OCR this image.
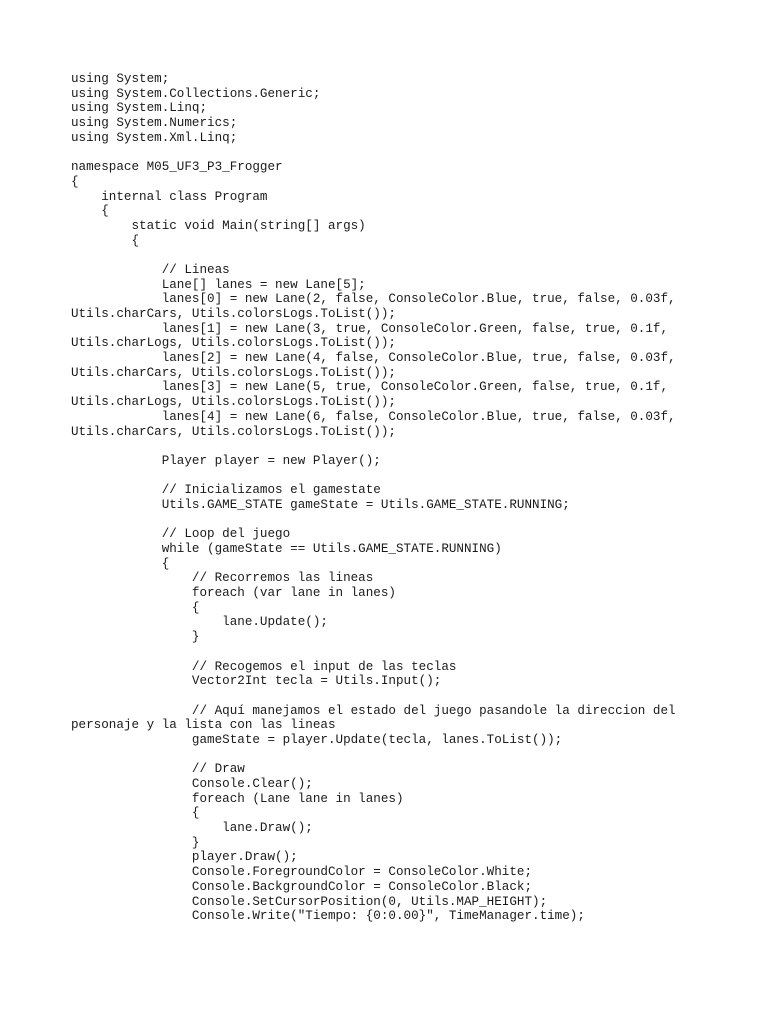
using System;
using System.Collections.Generic;
using System.Linq;
using System.Numerics;
using System.Xml.Linq;
namespace M05_UF3_P3_Frogger
{
internal class Program
{
static void Main(string[] args)
{
// Lineas
Lane[] lanes = new Lane[5];
lanes[0] = new Lane(2, false, ConsoleColor.Blue, true, false, 0.03f,
Utils.charCars, Utils.colorsLogs.ToList());
lanes[1] = new Lane(3, true, ConsoleColor.Green, false, true, 0.1f,
Utils.charLogs, Utils.colorsLogs.ToList());
lanes[2] = new Lane(4, false, ConsoleColor.Blue, true, false, 0.03f,
Utils.charCars, Utils.colorsLogs.ToList());
lanes[3] = new Lane(5, true, ConsoleColor.Green, false, true, 0.1f,
Utils.charLogs, Utils.colorsLogs.ToList());
lanes[4] = new Lane(6, false, ConsoleColor.Blue, true, false, 0.03f,
Utils.charCars, Utils.colorsLogs.ToList());
Player player = new Player();
// Inicializamos el gamestate
Utils.GAME_STATE gameState = Utils.GAME_STATE.RUNNING;
// Loop del juego
while (gameState == Utils.GAME_STATE.RUNNING)
{
// Recorremos las lineas
foreach (var lane in lanes)
{
lane.Update();
}
// Recogemos el input de las teclas
Vector2Int tecla = Utils.Input();
// Aquí manejamos el estado del juego pasandole la direccion del
personaje y la lista con las lineas
gameState = player.Update(tecla, lanes.ToList());
// Draw
Console.Clear();
foreach (Lane lane in lanes)
{
lane.Draw();
}
player.Draw();
Console.ForegroundColor = ConsoleColor.White;
Console.BackgroundColor = ConsoleColor.Black;
Console.SetCursorPosition(0, Utils.MAP_HEIGHT);
Console.Write("Tiempo: {0:0.00}", TimeManager.time);
